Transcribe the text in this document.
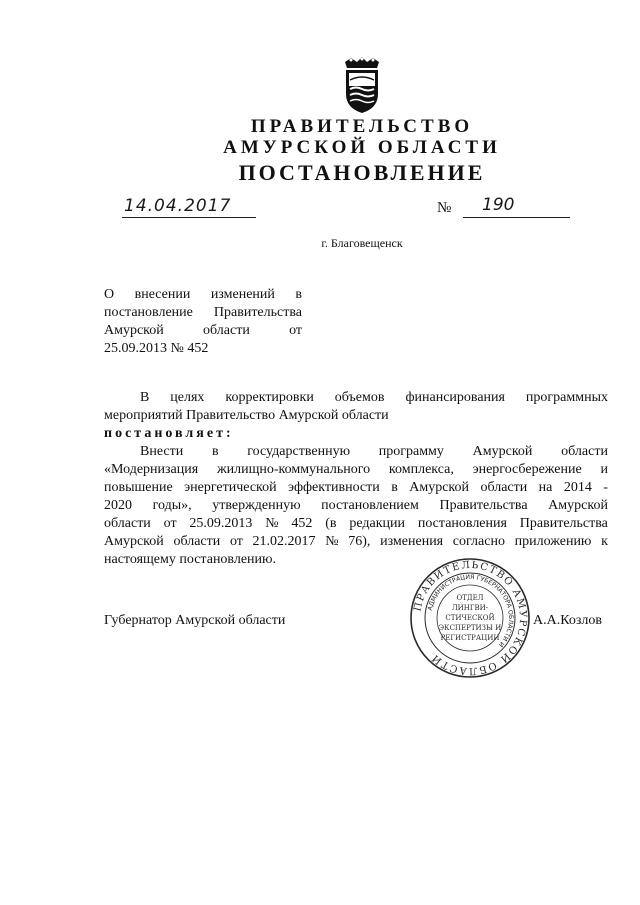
ПРАВИТЕЛЬСТВО
АМУРСКОЙ ОБЛАСТИ
ПОСТАНОВЛЕНИЕ
14.04.2017	№ 190
г. Благовещенск
О внесении изменений в
постановление Правительства
Амурской	области	от
25.09.2013 № 452
В целях корректировки объемов финансирования программных
мероприятий Правительство Амурской области
постановляет:
Внести в государственную программу Амурской области
«Модернизация жилищно-коммунального комплекса, энергосбережение и
повышение энергетической эффективности в Амурской области на 2014 -
2020 годы», утвержденную постановлением Правительства Амурской
области от 25.09.2013 № 452 (в редакции постановления Правительства
Амурской области от 21.02.2017 № 76), изменения согласно приложению к
настоящему постановлению.
ПРАВИТЕЛЬСТВО АМУРСКОЙ ОБЛАСТИ
АДМИНИСТРАЦИЯ ГУБЕРНАТОРА ОБЛАСТИ И
ОТДЕЛ
ЛИНГВИ-
СТИЧЕСКОЙ
ЭКСПЕРТИЗЫ И
РЕГИСТРАЦИИ
Губернатор Амурской области	А.А.Козлов
